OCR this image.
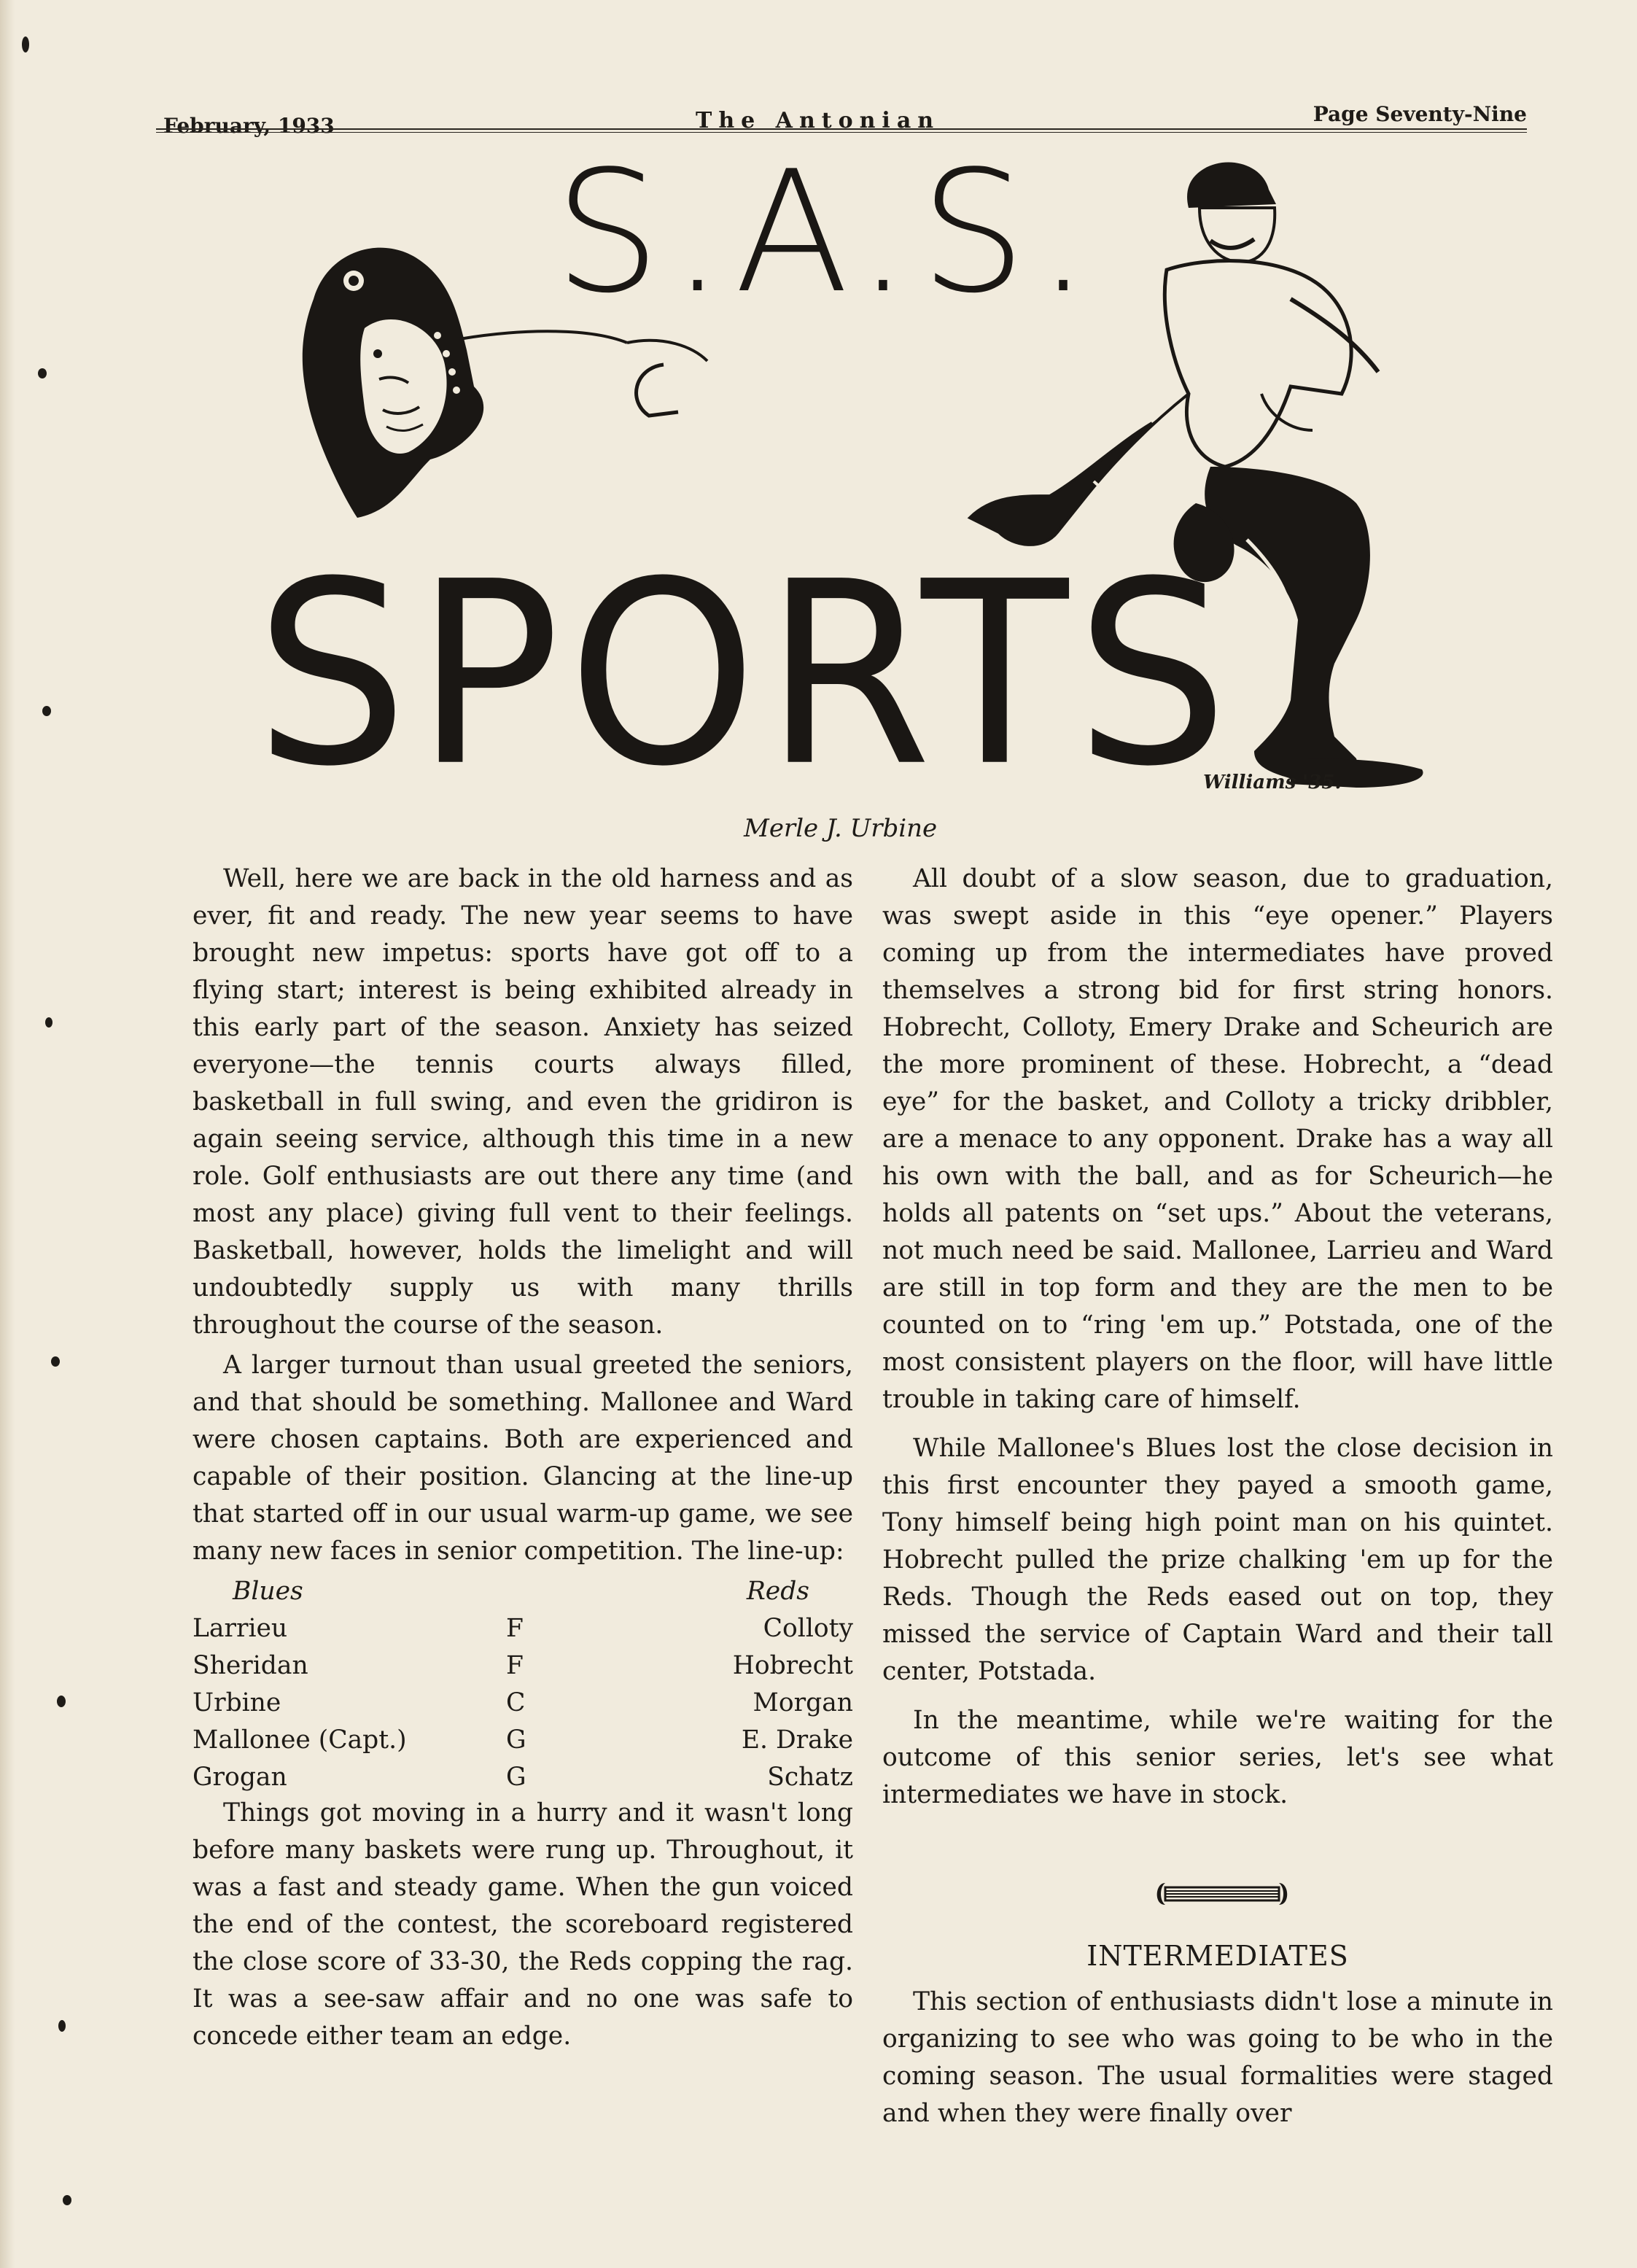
February, 1933	The Antonian	Page Seventy-Nine
S.A.S.
SPORTS
Williams '35.
Merle J. Urbine

Well, here we are back in the old harness and as ever, fit and ready. The new year seems to have brought new impetus: sports have got off to a flying start; interest is being exhibited already in this early part of the season. Anxiety has seized everyone—the tennis courts always filled, basketball in full swing, and even the gridiron is again seeing service, although this time in a new role. Golf enthusiasts are out there any time (and most any place) giving full vent to their feelings. Basketball, however, holds the limelight and will undoubtedly supply us with many thrills throughout the course of the season.

A larger turnout than usual greeted the seniors, and that should be something. Mallonee and Ward were chosen captains. Both are experienced and capable of their position. Glancing at the line-up that started off in our usual warm-up game, we see many new faces in senior competition. The line-up:

Blues	Reds
Larrieu	F	Colloty
Sheridan	F	Hobrecht
Urbine	C	Morgan
Mallonee (Capt.)	G	E. Drake
Grogan	G	Schatz

Things got moving in a hurry and it wasn't long before many baskets were rung up. Throughout, it was a fast and steady game. When the gun voiced the end of the contest, the scoreboard registered the close score of 33-30, the Reds copping the rag. It was a see-saw affair and no one was safe to concede either team an edge.

All doubt of a slow season, due to graduation, was swept aside in this “eye opener.” Players coming up from the intermediates have proved themselves a strong bid for first string honors. Hobrecht, Colloty, Emery Drake and Scheurich are the more prominent of these. Hobrecht, a “dead eye” for the basket, and Colloty a tricky dribbler, are a menace to any opponent. Drake has a way all his own with the ball, and as for Scheurich—he holds all patents on “set ups.” About the veterans, not much need be said. Mallonee, Larrieu and Ward are still in top form and they are the men to be counted on to “ring 'em up.” Potstada, one of the most consistent players on the floor, will have little trouble in taking care of himself.

While Mallonee's Blues lost the close decision in this first encounter they payed a smooth game, Tony himself being high point man on his quintet. Hobrecht pulled the prize chalking 'em up for the Reds. Though the Reds eased out on top, they missed the service of Captain Ward and their tall center, Potstada.

In the meantime, while we're waiting for the outcome of this senior series, let's see what intermediates we have in stock.

INTERMEDIATES

This section of enthusiasts didn't lose a minute in organizing to see who was going to be who in the coming season. The usual formalities were staged and when they were finally over
